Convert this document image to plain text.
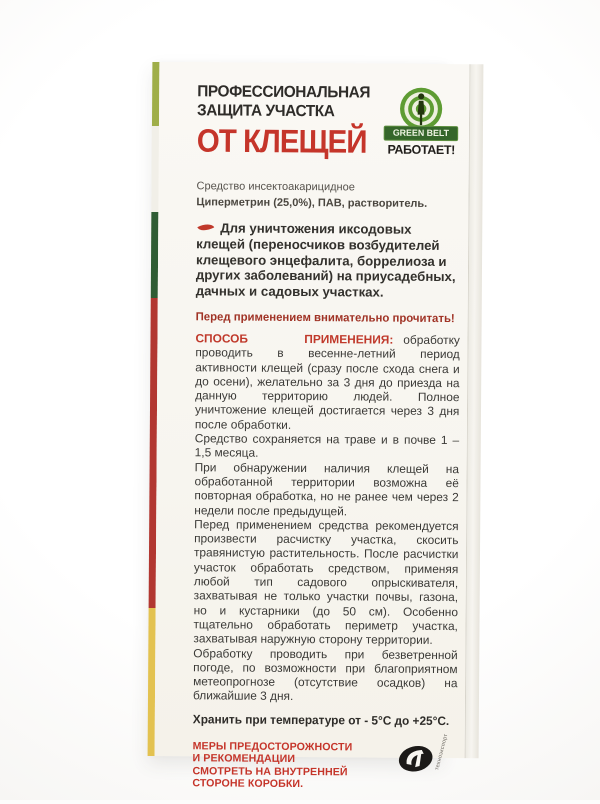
ПРОФЕССИОНАЛЬНАЯ
ЗАЩИТА УЧАСТКА
ОТ КЛЕЩЕЙ	GREEN BELT
РАБОТАЕТ!
Средство инсектоакарицидное
Циперметрин (25,0%), ПАВ, растворитель.

Для уничтожения иксодовых клещей (переносчиков возбудителей клещевого энцефалита, боррелиоза и других заболеваний) на приусадебных, дачных и садовых участках.

Перед применением внимательно прочитать!

СПОСОБ ПРИМЕНЕНИЯ: обработку проводить в весенне-летний период активности клещей (сразу после схода снега и до осени), желательно за 3 дня до приезда на данную территорию людей. Полное уничтожение клещей достигается через 3 дня после обработки.

Средство сохраняется на траве и в почве 1 – 1,5 месяца.

При обнаружении наличия клещей на обработанной территории возможна её повторная обработка, но не ранее чем через 2 недели после предыдущей.

Перед применением средства рекомендуется произвести расчистку участка, скосить травянистую растительность. После расчистки участок обработать средством, применяя любой тип садового опрыскивателя, захватывая не только участки почвы, газона, но и кустарники (до 50 см). Особенно тщательно обработать периметр участка, захватывая наружную сторону территории.

Обработку проводить при безветренной погоде, по возможности при благоприятном метеопрогнозе (отсутствие осадков) на ближайшие 3 дня.

Хранить при температуре от - 5°С до +25°С.

МЕРЫ ПРЕДОСТОРОЖНОСТИ
И РЕКОМЕНДАЦИИ
СМОТРЕТЬ НА ВНУТРЕННЕЙ
СТОРОНЕ КОРОБКИ.
техноэкспорт
